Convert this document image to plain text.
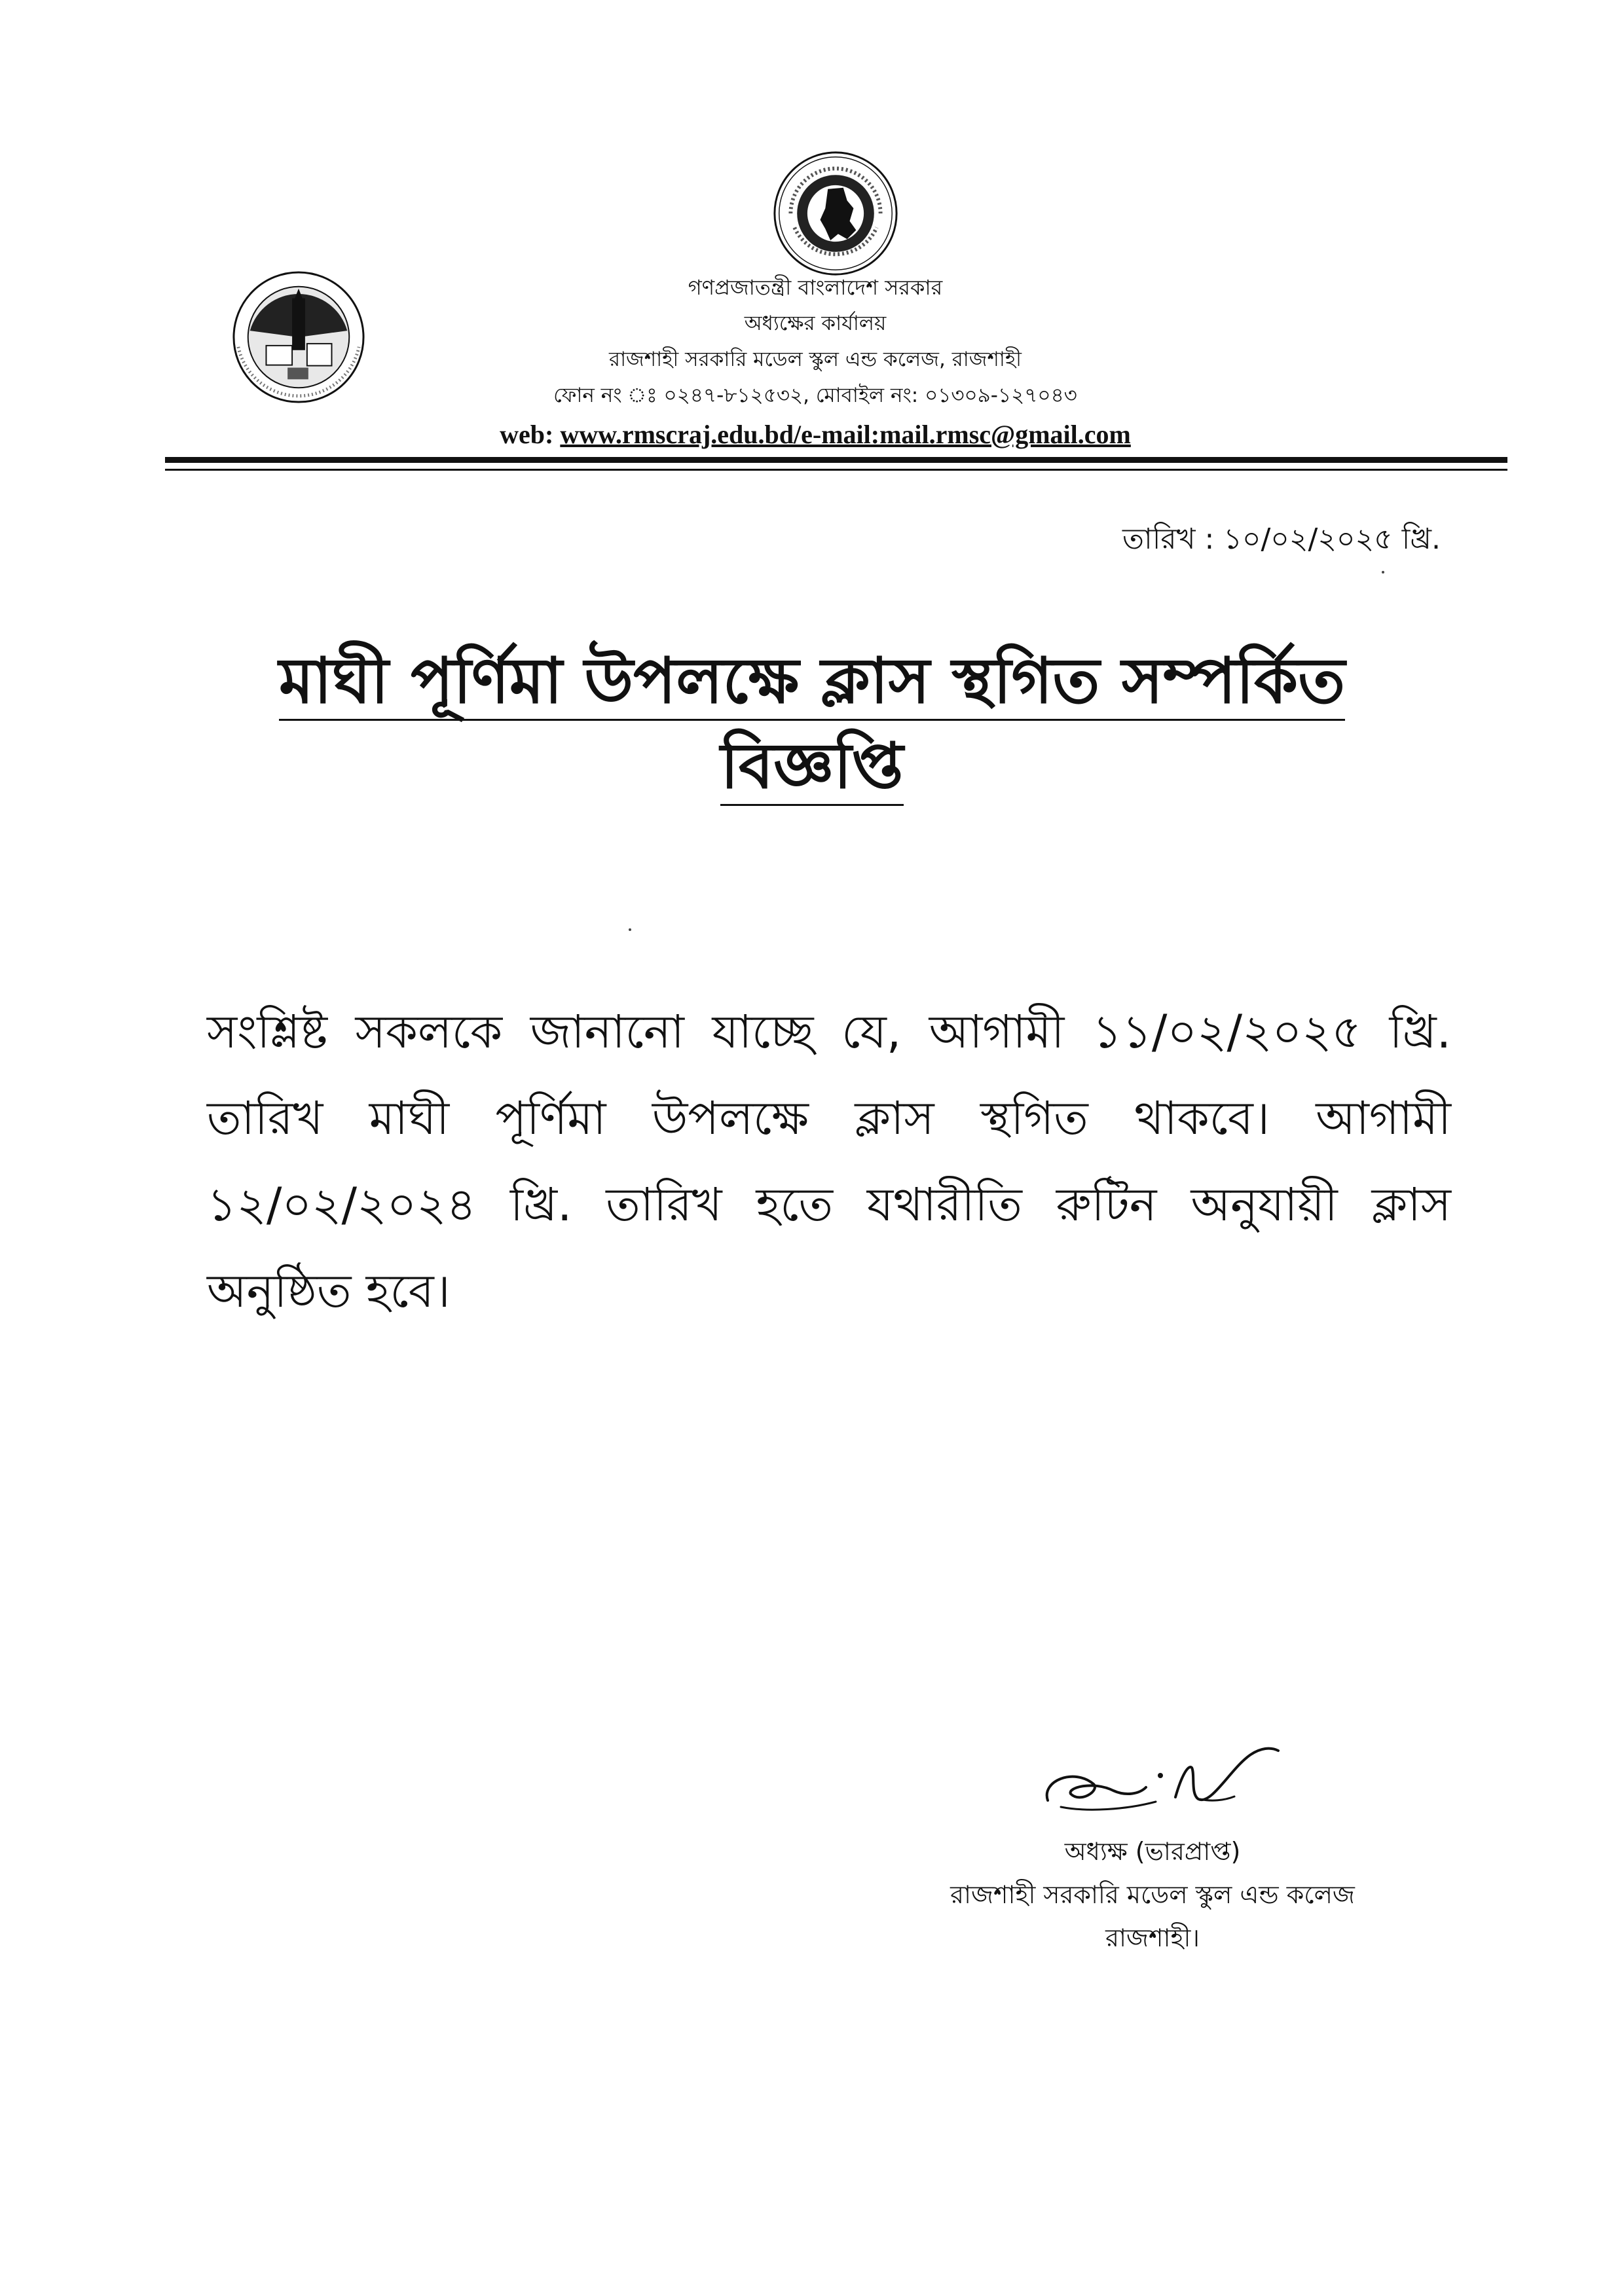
গণপ্রজাতন্ত্রী বাংলাদেশ সরকার
অধ্যক্ষের কার্যালয়
রাজশাহী সরকারি মডেল স্কুল এন্ড কলেজ, রাজশাহী
ফোন নং ঃ ০২৪৭-৮১২৫৩২, মোবাইল নং: ০১৩০৯-১২৭০৪৩
web: www.rmscraj.edu.bd/e-mail:mail.rmsc@gmail.com
তারিখ : ১০/০২/২০২৫ খ্রি.
মাঘী পূর্ণিমা উপলক্ষে ক্লাস স্থগিত সম্পর্কিত
বিজ্ঞপ্তি
সংশ্লিষ্ট সকলকে জানানো যাচ্ছে যে, আগামী ১১/০২/২০২৫ খ্রি. তারিখ মাঘী পূর্ণিমা উপলক্ষে ক্লাস স্থগিত থাকবে। আগামী ১২/০২/২০২৪ খ্রি. তারিখ হতে যথারীতি রুটিন অনুযায়ী ক্লাস অনুষ্ঠিত হবে।
অধ্যক্ষ (ভারপ্রাপ্ত)
রাজশাহী সরকারি মডেল স্কুল এন্ড কলেজ
রাজশাহী।
